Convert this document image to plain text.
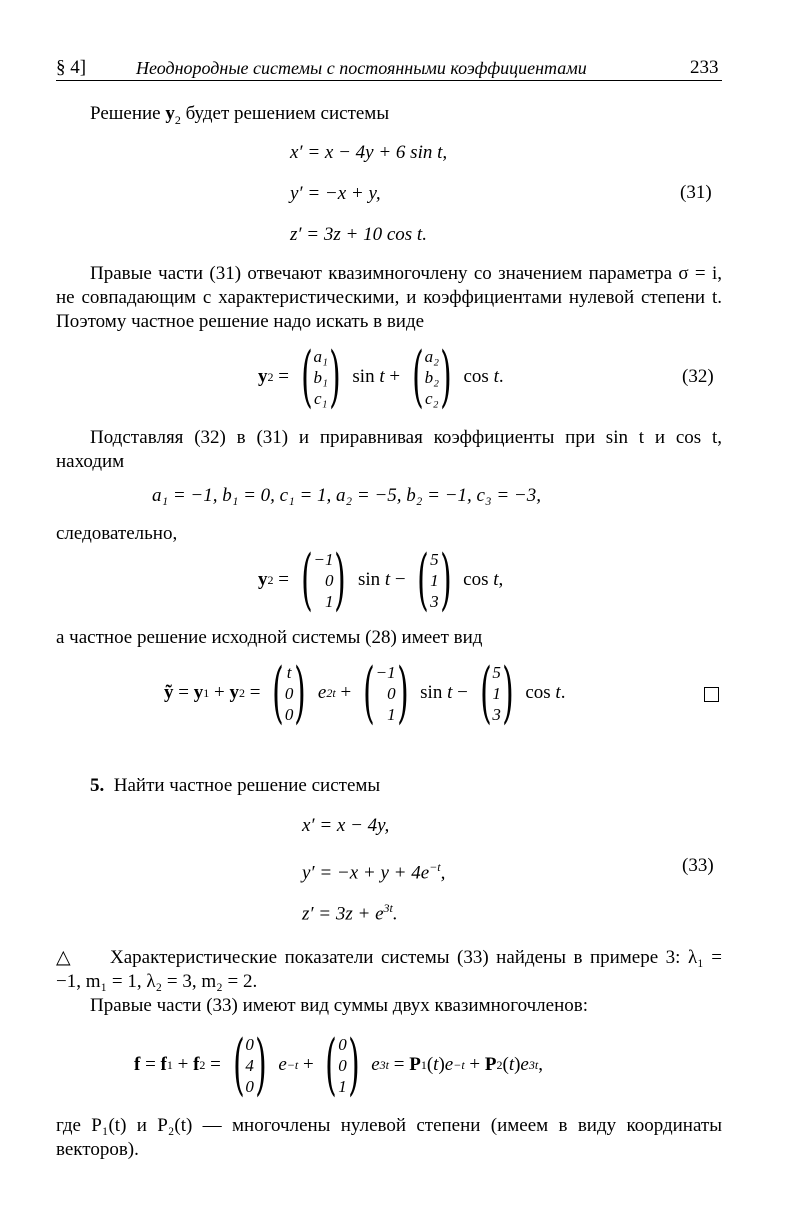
§ 4]	Неоднородные системы с постоянными коэффициентами	233
Решение $y_2$ будет решением системы
x′ = x − 4y + 6 sin t,
y′ = −x + y,
z′ = 3z + 10 cos t.
(31)
Правые части (31) отвечают квазимногочлену со значением параметра σ = i, не совпадающим с характеристическими, и коэффициентами нулевой степени t. Поэтому частное решение надо искать в виде
y 2 = ( a₁
b₁
c₁ ) sin t + ( a₂
b₂
c₂ ) cos t .	(32)
Подставляя (32) в (31) и приравнивая коэффициенты при sin t и cos t, находим
a₁ = −1, b₁ = 0, c₁ = 1, a₂ = −5, b₂ = −1, c₃ = −3,
следовательно,
y 2 = ( −1
0
1 ) sin t − ( 5
1
3 ) cos t ,
а частное решение исходной системы (28) имеет вид
ỹ = y 1 + y 2 = ( t
0
0 )
e 2t + ( −1
0
1 ) sin t − ( 5
1
3 ) cos t .
5. Найти частное решение системы
x′ = x − 4y,
$y' = -x + y + 4e^{-t}$,
$z' = 3z + e^{3t}$.
(33)
△ Характеристические показатели системы (33) найдены в примере 3: λ₁ = −1, m₁ = 1, λ₂ = 3, m₂ = 2.
Правые части (33) имеют вид суммы двух квазимногочленов:
f = f 1 + f 2 = ( 0
4
0 )
e −t + ( 0
0
1 )
e 3t = P 1 ( t ) e −t + P 2 ( t ) e 3t ,
где P₁(t) и P₂(t) — многочлены нулевой степени (имеем в виду координаты векторов).
